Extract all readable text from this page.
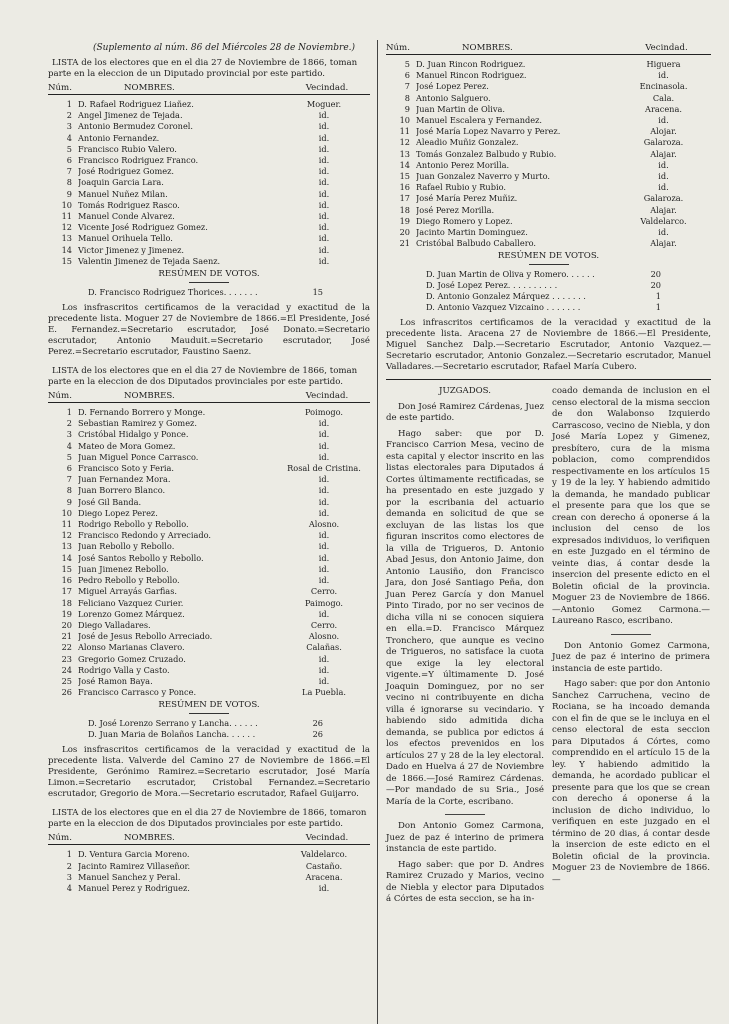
(Suplemento al núm. 86 del Miércoles 28 de Noviembre.)

LISTA de los electores que en el dia 27 de Noviembre de 1866, toman parte en la eleccion de un Diputado provincial por este partido.

Núm.	NOMBRES.	Vecindad.
1 D. Rafael Rodriguez Liañez.	Moguer.
2 Angel Jimenez de Tejada.	id.
3 Antonio Bermudez Coronel.	id.
4 Antonio Fernandez.	id.
5 Francisco Rubio Valero.	id.
6 Francisco Rodriguez Franco.	id.
7 José Rodriguez Gomez.	id.
8 Joaquin Garcia Lara.	id.
9 Manuel Nuñez Milan.	id.
10 Tomás Rodriguez Rasco.	id.
11 Manuel Conde Alvarez.	id.
12 Vicente José Rodriguez Gomez.	id.
13 Manuel Orihuela Tello.	id.
14 Victor Jimenez y Jimenez.	id.
15 Valentin Jimenez de Tejada Saenz.	id.
RESÚMEN DE VOTOS.
D. Francisco Rodriguez Thorices. . . . . . .	15

Los insfrascritos certificamos de la veracidad y exactitud de la precedente lista. Moguer 27 de Noviembre de 1866.=El Presidente, José E. Fernandez.=Secretario escrutador, José Donato.=Secretario escrutador, Antonio Mauduit.=Secretario escrutador, José Perez.=Secretario escrutador, Faustino Saenz.

LISTA de los electores que en el dia 27 de Noviembre de 1866, toman parte en la eleccion de dos Diputados provinciales por este partido.

Núm.	NOMBRES.	Vecindad.
1 D. Fernando Borrero y Monge.	Poimogo.
2 Sebastian Ramirez y Gomez.	id.
3 Cristóbal Hidalgo y Ponce.	id.
4 Mateo de Mora Gomez.	id.
5 Juan Miguel Ponce Carrasco.	id.
6 Francisco Soto y Feria.	Rosal de Cristina.
7 Juan Fernandez Mora.	id.
8 Juan Borrero Blanco.	id.
9 José Gil Banda.	id.
10 Diego Lopez Perez.	id.
11 Rodrigo Rebollo y Rebollo.	Alosno.
12 Francisco Redondo y Arreciado.	id.
13 Juan Rebollo y Rebollo.	id.
14 José Santos Rebollo y Rebollo.	id.
15 Juan Jimenez Rebollo.	id.
16 Pedro Rebollo y Rebollo.	id.
17 Miguel Arrayás Garfias.	Cerro.
18 Feliciano Vazquez Curier.	Paimogo.
19 Lorenzo Gomez Márquez.	id.
20 Diego Valladares.	Cerro.
21 José de Jesus Rebollo Arreciado.	Alosno.
22 Alonso Marianas Clavero.	Calañas.
23 Gregorio Gomez Cruzado.	id.
24 Rodrigo Valla y Casto.	id.
25 José Ramon Baya.	id.
26 Francisco Carrasco y Ponce.	La Puebla.
RESÚMEN DE VOTOS.
D. José Lorenzo Serrano y Lancha. . . . . .	26
D. Juan Maria de Bolaños Lancha. . . . . .	26

Los insfrascritos certificamos de la veracidad y exactitud de la precedente lista. Valverde del Camino 27 de Noviembre de 1866.=El Presidente, Gerónimo Ramirez.=Secretario escrutador, José María Limon.=Secretario escrutador, Cristobal Fernandez.=Secretario escrutador, Gregorio de Mora.—Secretario escrutador, Rafael Guijarro.

LISTA de los electores que en el dia 27 de Noviembre de 1866, tomaron parte en la eleccion de dos Diputados provinciales por este partido.

Núm.	NOMBRES.	Vecindad.
1 D. Ventura Garcia Moreno.	Valdelarco.
2 Jacinto Ramirez Villaseñor.	Castaño.
3 Manuel Sanchez y Peral.	Aracena.
4 Manuel Perez y Rodriguez.	id.
Núm.	NOMBRES.	Vecindad.
5 D. Juan Rincon Rodriguez.	Higuera
6 Manuel Rincon Rodriguez.	id.
7 José Lopez Perez.	Encinasola.
8 Antonio Salguero.	Cala.
9 Juan Martin de Oliva.	Aracena.
10 Manuel Escalera y Fernandez.	id.
11 José María Lopez Navarro y Perez.	Alojar.
12 Aleadio Muñiz Gonzalez.	Galaroza.
13 Tomás Gonzalez Balbudo y Rubio.	Alajar.
14 Antonio Perez Morilla.	id.
15 Juan Gonzalez Naverro y Murto.	id.
16 Rafael Rubio y Rubio.	id.
17 José María Perez Muñiz.	Galaroza.
18 José Perez Morilla.	Alajar.
19 Diego Romero y Lopez.	Valdelarco.
20 Jacinto Martin Dominguez.	id.
21 Cristóbal Balbudo Caballero.	Alajar.
RESÚMEN DE VOTOS.
D. Juan Martin de Oliva y Romero. . . . . .	20
D. José Lopez Perez. . . . . . . . . .	20
D. Antonio Gonzalez Márquez . . . . . . .	1
D. Antonio Vazquez Vizcaino . . . . . . .	1

Los infrascritos certificamos de la veracidad y exactitud de la precedente lista. Aracena 27 de Noviembre de 1866.—El Presidente, Miguel Sanchez Dalp.—Secretario Escrutador, Antonio Vazquez.—Secretario escrutador, Antonio Gonzalez.—Secretario escrutador, Manuel Valladares.—Secretario escrutador, Rafael María Cubero.

JUZGADOS.

Don José Ramirez Cárdenas, Juez de este partido.

Hago saber: que por D. Francisco Carrion Mesa, vecino de esta capital y elector inscrito en las listas electorales para Diputados á Cortes últimamente rectificadas, se ha presentado en este juzgado y por la escribania del actuario demanda en solicitud de que se excluyan de las listas los que figuran inscritos como electores de la villa de Trigueros, D. Antonio Abad Jesus, don Antonio Jaime, don Antonio Lausiño, don Francisco Jara, don José Santiago Peña, don Juan Perez García y don Manuel Pinto Tirado, por no ser vecinos de dicha villa ni se conocen siquiera en ella.=D. Francisco Márquez Tronchero, que aunque es vecino de Trigueros, no satisface la cuota que exige la ley electoral vigente.=Y últimamente D. José Joaquin Dominguez, por no ser vecino ni contribuyente en dicha villa é ignorarse su vecindario. Y habiendo sido admitida dicha demanda, se publica por edictos á los efectos prevenidos en los artículos 27 y 28 de la ley electoral. Dado en Huelva á 27 de Noviembre de 1866.—José Ramirez Cárdenas.—Por mandado de su Sria., José María de la Corte, escribano.

Don Antonio Gomez Carmona, Juez de paz é interino de primera instancia de este partido.

Hago saber: que por D. Andres Ramirez Cruzado y Marios, vecino de Niebla y elector para Diputados á Córtes de esta seccion, se ha in-

coado demanda de inclusion en el censo electoral de la misma seccion de don Walabonso Izquierdo Carrascoso, vecino de Niebla, y don José María Lopez y Gimenez, presbítero, cura de la misma poblacion, como comprendidos respectivamente en los artículos 15 y 19 de la ley. Y habiendo admitido la demanda, he mandado publicar el presente para que los que se crean con derecho á oponerse á la inclusion del censo de los expresados individuos, lo verifiquen en este Juzgado en el término de veinte dias, á contar desde la insercion del presente edicto en el Boletin oficial de la provincia. Moguer 23 de Noviembre de 1866.—Antonio Gomez Carmona.—Laureano Rasco, escribano.

Don Antonio Gomez Carmona, Juez de paz é interino de primera instancia de este partido.

Hago saber: que por don Antonio Sanchez Carruchena, vecino de Rociana, se ha incoado demanda con el fin de que se le incluya en el censo electoral de esta seccion para Diputados á Córtes, como comprendido en el artículo 15 de la ley. Y habiendo admitido la demanda, he acordado publicar el presente para que los que se crean con derecho á oponerse á la inclusion de dicho individuo, lo verifiquen en este juzgado en el término de 20 dias, á contar desde la insercion de este edicto en el Boletin oficial de la provincia. Moguer 23 de Noviembre de 1866.—
